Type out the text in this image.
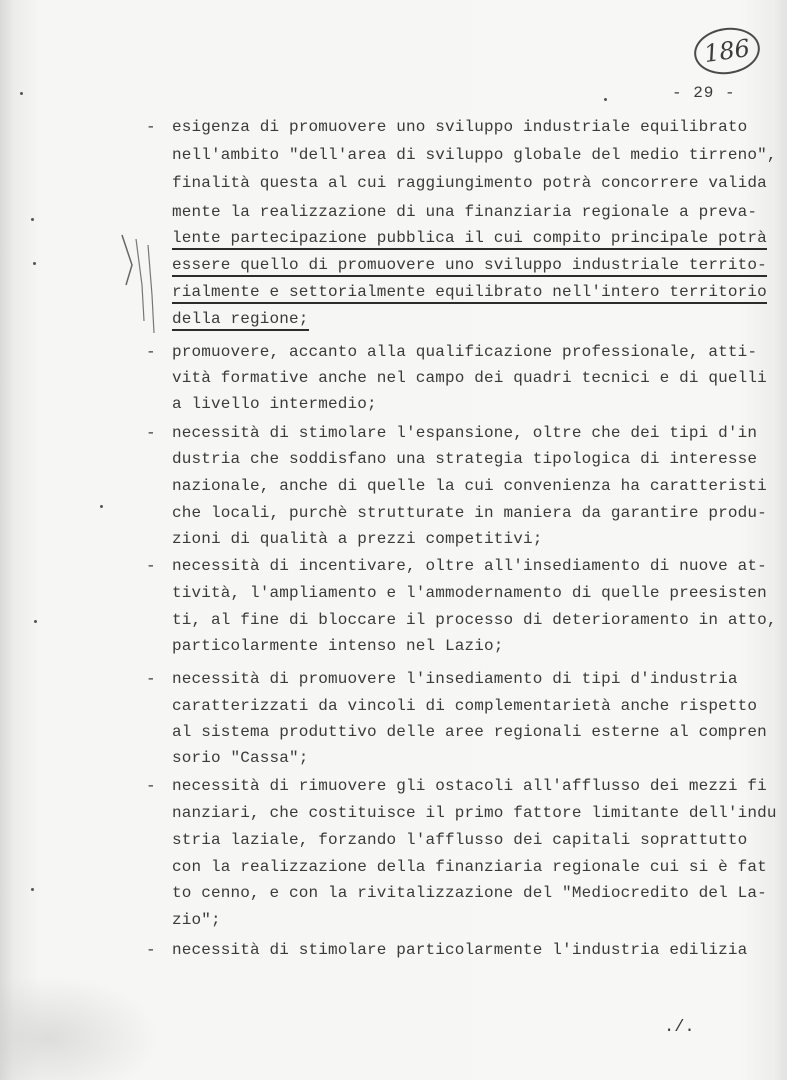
186
- 29 -
-
-
-
-
-
-
-
esigenza di promuovere uno sviluppo industriale equilibrato
nell'ambito "dell'area di sviluppo globale del medio tirreno",
finalità questa al cui raggiungimento potrà concorrere valida
mente la realizzazione di una finanziaria regionale a preva-
lente partecipazione pubblica il cui compito principale potrà
essere quello di promuovere uno sviluppo industriale territo-
rialmente e settorialmente equilibrato nell'intero territorio
della regione;
promuovere, accanto alla qualificazione professionale, atti-
vità formative anche nel campo dei quadri tecnici e di quelli
a livello intermedio;
necessità di stimolare l'espansione, oltre che dei tipi d'in
dustria che soddisfano una strategia tipologica di interesse
nazionale, anche di quelle la cui convenienza ha caratteristi
che locali, purchè strutturate in maniera da garantire produ-
zioni di qualità a prezzi competitivi;
necessità di incentivare, oltre all'insediamento di nuove at-
tività, l'ampliamento e l'ammodernamento di quelle preesisten
ti, al fine di bloccare il processo di deterioramento in atto,
particolarmente intenso nel Lazio;
necessità di promuovere l'insediamento di tipi d'industria
caratterizzati da vincoli di complementarietà anche rispetto
al sistema produttivo delle aree regionali esterne al compren
sorio "Cassa";
necessità di rimuovere gli ostacoli all'afflusso dei mezzi fi
nanziari, che costituisce il primo fattore limitante dell'indu
stria laziale, forzando l'afflusso dei capitali soprattutto
con la realizzazione della finanziaria regionale cui si è fat
to cenno, e con la rivitalizzazione del "Mediocredito del La-
zio";
necessità di stimolare particolarmente l'industria edilizia
./.
